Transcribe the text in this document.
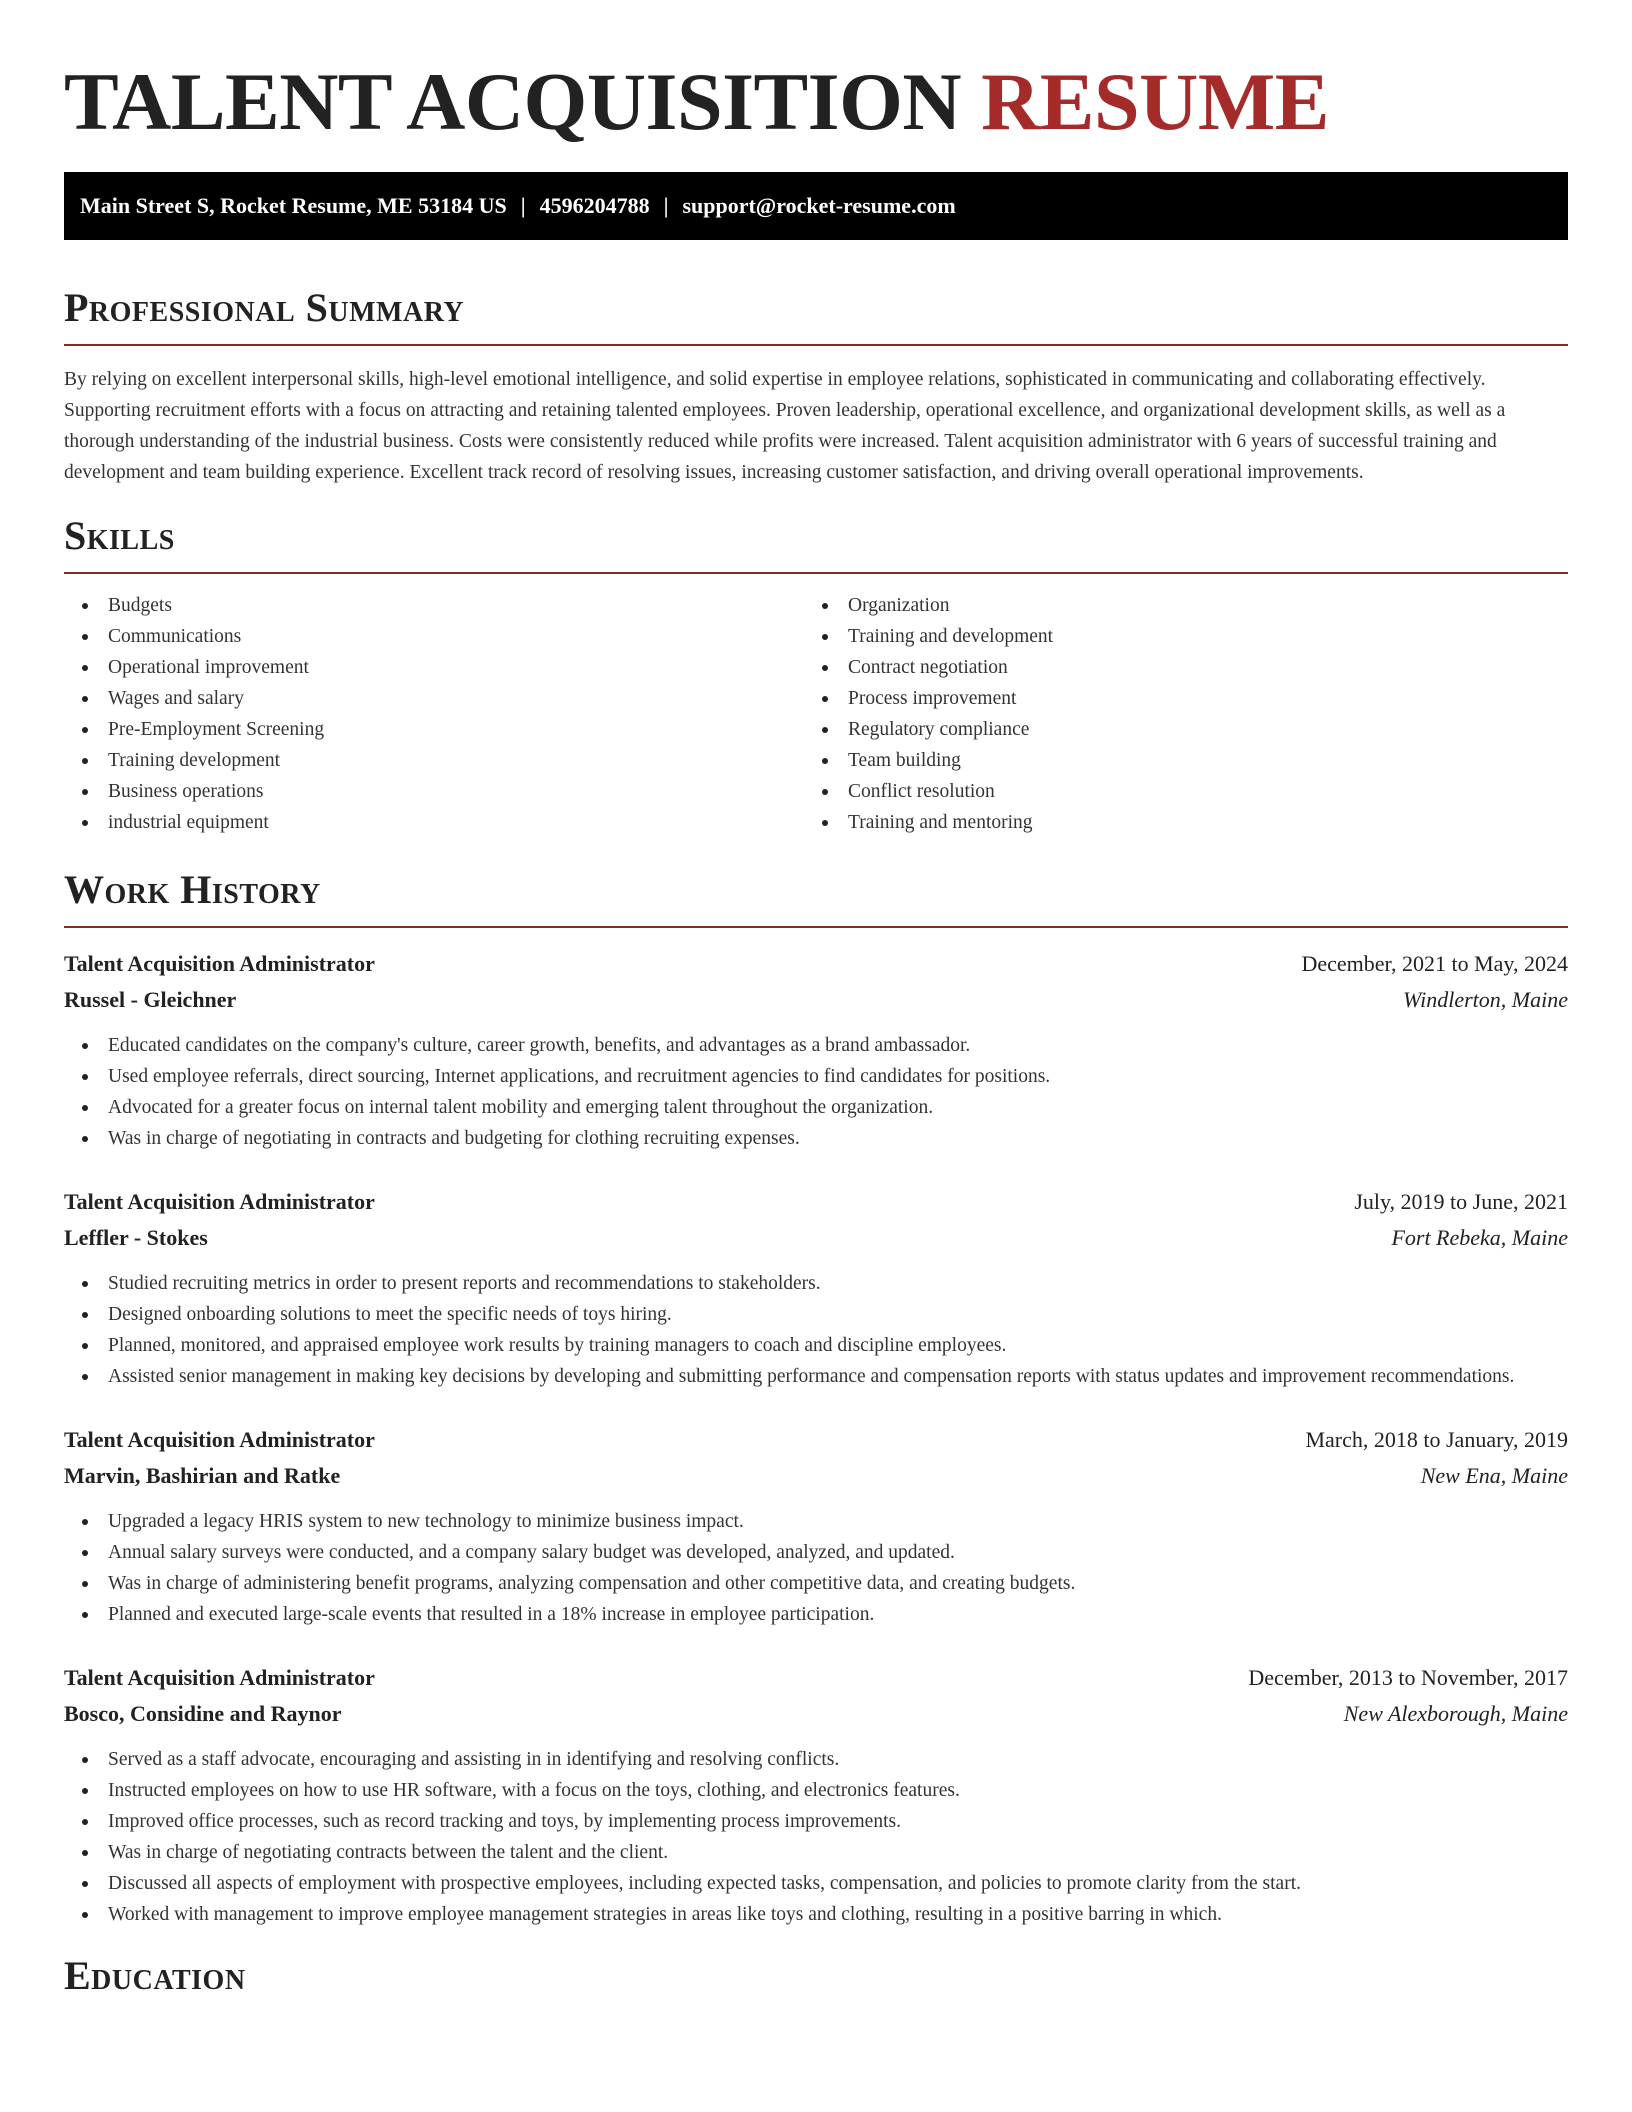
TALENT ACQUISITION RESUME
Main Street S, Rocket Resume, ME 53184 US | 4596204788 | support@rocket-resume.com
Professional Summary

By relying on excellent interpersonal skills, high-level emotional intelligence, and solid expertise in employee relations, sophisticated in communicating and collaborating effectively. Supporting recruitment efforts with a focus on attracting and retaining talented employees. Proven leadership, operational excellence, and organizational development skills, as well as a thorough understanding of the industrial business. Costs were consistently reduced while profits were increased. Talent acquisition administrator with 6 years of successful training and development and team building experience. Excellent track record of resolving issues, increasing customer satisfaction, and driving overall operational improvements.

Skills
Budgets
Communications
Operational improvement
Wages and salary
Pre-Employment Screening
Training development
Business operations
industrial equipment
Organization
Training and development
Contract negotiation
Process improvement
Regulatory compliance
Team building
Conflict resolution
Training and mentoring
Work History
Talent Acquisition Administrator	December, 2021 to May, 2024
Russel - Gleichner	Windlerton, Maine
Educated candidates on the company's culture, career growth, benefits, and advantages as a brand ambassador.
Used employee referrals, direct sourcing, Internet applications, and recruitment agencies to find candidates for positions.
Advocated for a greater focus on internal talent mobility and emerging talent throughout the organization.
Was in charge of negotiating in contracts and budgeting for clothing recruiting expenses.
Talent Acquisition Administrator	July, 2019 to June, 2021
Leffler - Stokes	Fort Rebeka, Maine
Studied recruiting metrics in order to present reports and recommendations to stakeholders.
Designed onboarding solutions to meet the specific needs of toys hiring.
Planned, monitored, and appraised employee work results by training managers to coach and discipline employees.
Assisted senior management in making key decisions by developing and submitting performance and compensation reports with status updates and improvement recommendations.
Talent Acquisition Administrator	March, 2018 to January, 2019
Marvin, Bashirian and Ratke	New Ena, Maine
Upgraded a legacy HRIS system to new technology to minimize business impact.
Annual salary surveys were conducted, and a company salary budget was developed, analyzed, and updated.
Was in charge of administering benefit programs, analyzing compensation and other competitive data, and creating budgets.
Planned and executed large-scale events that resulted in a 18% increase in employee participation.
Talent Acquisition Administrator	December, 2013 to November, 2017
Bosco, Considine and Raynor	New Alexborough, Maine
Served as a staff advocate, encouraging and assisting in in identifying and resolving conflicts.
Instructed employees on how to use HR software, with a focus on the toys, clothing, and electronics features.
Improved office processes, such as record tracking and toys, by implementing process improvements.
Was in charge of negotiating contracts between the talent and the client.
Discussed all aspects of employment with prospective employees, including expected tasks, compensation, and policies to promote clarity from the start.
Worked with management to improve employee management strategies in areas like toys and clothing, resulting in a positive barring in which.
Education
